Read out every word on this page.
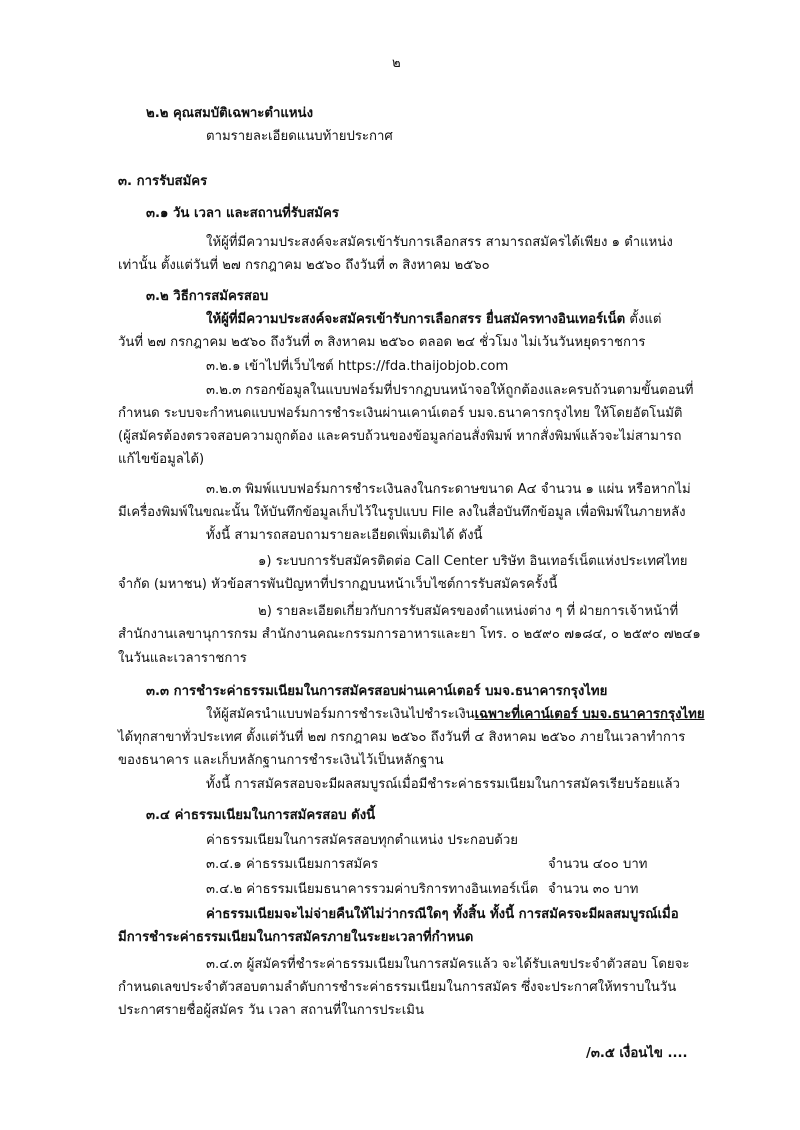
๒
๒.๒ คุณสมบัติเฉพาะตำแหน่ง
ตามรายละเอียดแนบท้ายประกาศ
๓. การรับสมัคร
๓.๑ วัน เวลา และสถานที่รับสมัคร
ให้ผู้ที่มีความประสงค์จะสมัครเข้ารับการเลือกสรร สามารถสมัครได้เพียง ๑ ตำแหน่ง
เท่านั้น ตั้งแต่วันที่ ๒๗ กรกฎาคม ๒๕๖๐ ถึงวันที่ ๓ สิงหาคม ๒๕๖๐
๓.๒ วิธีการสมัครสอบ
ให้ผู้ที่มีความประสงค์จะสมัครเข้ารับการเลือกสรร ยื่นสมัครทางอินเทอร์เน็ต ตั้งแต่
วันที่ ๒๗ กรกฎาคม ๒๕๖๐ ถึงวันที่ ๓ สิงหาคม ๒๕๖๐ ตลอด ๒๔ ชั่วโมง ไม่เว้นวันหยุดราชการ
๓.๒.๑ เข้าไปที่เว็บไซต์ https://fda.thaijobjob.com
๓.๒.๓ กรอกข้อมูลในแบบฟอร์มที่ปรากฏบนหน้าจอให้ถูกต้องและครบถ้วนตามขั้นตอนที่
กำหนด ระบบจะกำหนดแบบฟอร์มการชำระเงินผ่านเคาน์เตอร์ บมจ.ธนาคารกรุงไทย ให้โดยอัตโนมัติ
(ผู้สมัครต้องตรวจสอบความถูกต้อง และครบถ้วนของข้อมูลก่อนสั่งพิมพ์ หากสั่งพิมพ์แล้วจะไม่สามารถ
แก้ไขข้อมูลได้)
๓.๒.๓ พิมพ์แบบฟอร์มการชำระเงินลงในกระดาษขนาด A๔ จำนวน ๑ แผ่น หรือหากไม่
มีเครื่องพิมพ์ในขณะนั้น ให้บันทึกข้อมูลเก็บไว้ในรูปแบบ File ลงในสื่อบันทึกข้อมูล เพื่อพิมพ์ในภายหลัง
ทั้งนี้ สามารถสอบถามรายละเอียดเพิ่มเติมได้ ดังนี้
๑) ระบบการรับสมัครติดต่อ Call Center บริษัท อินเทอร์เน็ตแห่งประเทศไทย
จำกัด (มหาชน) หัวข้อสารพันปัญหาที่ปรากฏบนหน้าเว็บไซต์การรับสมัครครั้งนี้
๒) รายละเอียดเกี่ยวกับการรับสมัครของตำแหน่งต่าง ๆ ที่ ฝ่ายการเจ้าหน้าที่
สำนักงานเลขานุการกรม สำนักงานคณะกรรมการอาหารและยา โทร. ๐ ๒๕๙๐ ๗๑๘๔, ๐ ๒๕๙๐ ๗๒๔๑
ในวันและเวลาราชการ
๓.๓ การชำระค่าธรรมเนียมในการสมัครสอบผ่านเคาน์เตอร์ บมจ.ธนาคารกรุงไทย
ให้ผู้สมัครนำแบบฟอร์มการชำระเงินไปชำระเงินเฉพาะที่เคาน์เตอร์ บมจ.ธนาคารกรุงไทย
ได้ทุกสาขาทั่วประเทศ ตั้งแต่วันที่ ๒๗ กรกฎาคม ๒๕๖๐ ถึงวันที่ ๔ สิงหาคม ๒๕๖๐ ภายในเวลาทำการ
ของธนาคาร และเก็บหลักฐานการชำระเงินไว้เป็นหลักฐาน
ทั้งนี้ การสมัครสอบจะมีผลสมบูรณ์เมื่อมีชำระค่าธรรมเนียมในการสมัครเรียบร้อยแล้ว
๓.๔ ค่าธรรมเนียมในการสมัครสอบ ดังนี้
ค่าธรรมเนียมในการสมัครสอบทุกตำแหน่ง ประกอบด้วย
๓.๔.๑ ค่าธรรมเนียมการสมัคร	จำนวน ๔๐๐ บาท
๓.๔.๒ ค่าธรรมเนียมธนาคารรวมค่าบริการทางอินเทอร์เน็ต จำนวน ๓๐ บาท
ค่าธรรมเนียมจะไม่จ่ายคืนให้ไม่ว่ากรณีใดๆ ทั้งสิ้น ทั้งนี้ การสมัครจะมีผลสมบูรณ์เมื่อ
มีการชำระค่าธรรมเนียมในการสมัครภายในระยะเวลาที่กำหนด
๓.๔.๓ ผู้สมัครที่ชำระค่าธรรมเนียมในการสมัครแล้ว จะได้รับเลขประจำตัวสอบ โดยจะ
กำหนดเลขประจำตัวสอบตามลำดับการชำระค่าธรรมเนียมในการสมัคร ซึ่งจะประกาศให้ทราบในวัน
ประกาศรายชื่อผู้สมัคร วัน เวลา สถานที่ในการประเมิน
/๓.๕ เงื่อนไข ....
